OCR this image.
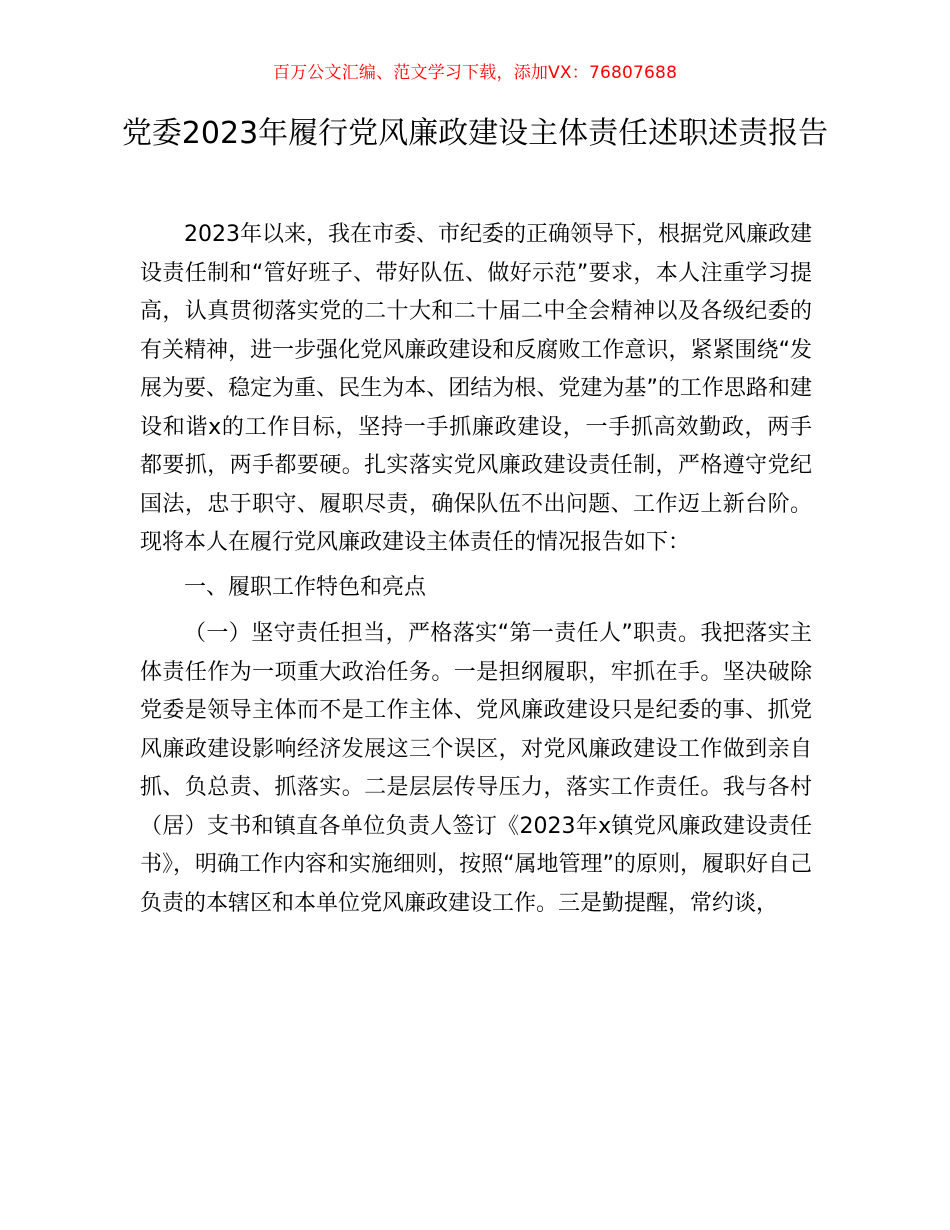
百万公文汇编、范文学习下载，添加VX：76807688
党委2023年履行党风廉政建设主体责任述职述责报告

2023年以来，我在市委、市纪委的正确领导下，根据党风廉政建设责任制和“管好班子、带好队伍、做好示范”要求，本人注重学习提高，认真贯彻落实党的二十大和二十届二中全会精神以及各级纪委的有关精神，进一步强化党风廉政建设和反腐败工作意识，紧紧围绕“发展为要、稳定为重、民生为本、团结为根、党建为基”的工作思路和建设和谐x的工作目标，坚持一手抓廉政建设，一手抓高效勤政，两手都要抓，两手都要硬。扎实落实党风廉政建设责任制，严格遵守党纪国法，忠于职守、履职尽责，确保队伍不出问题、工作迈上新台阶。现将本人在履行党风廉政建设主体责任的情况报告如下：

一、履职工作特色和亮点

（一）坚守责任担当，严格落实“第一责任人”职责。我把落实主体责任作为一项重大政治任务。一是担纲履职，牢抓在手。坚决破除党委是领导主体而不是工作主体、党风廉政建设只是纪委的事、抓党风廉政建设影响经济发展这三个误区，对党风廉政建设工作做到亲自抓、负总责、抓落实。二是层层传导压力，落实工作责任。我与各村（居）支书和镇直各单位负责人签订《2023年x镇党风廉政建设责任书》，明确工作内容和实施细则，按照“属地管理”的原则，履职好自己负责的本辖区和本单位党风廉政建设工作。三是勤提醒，常约谈，
